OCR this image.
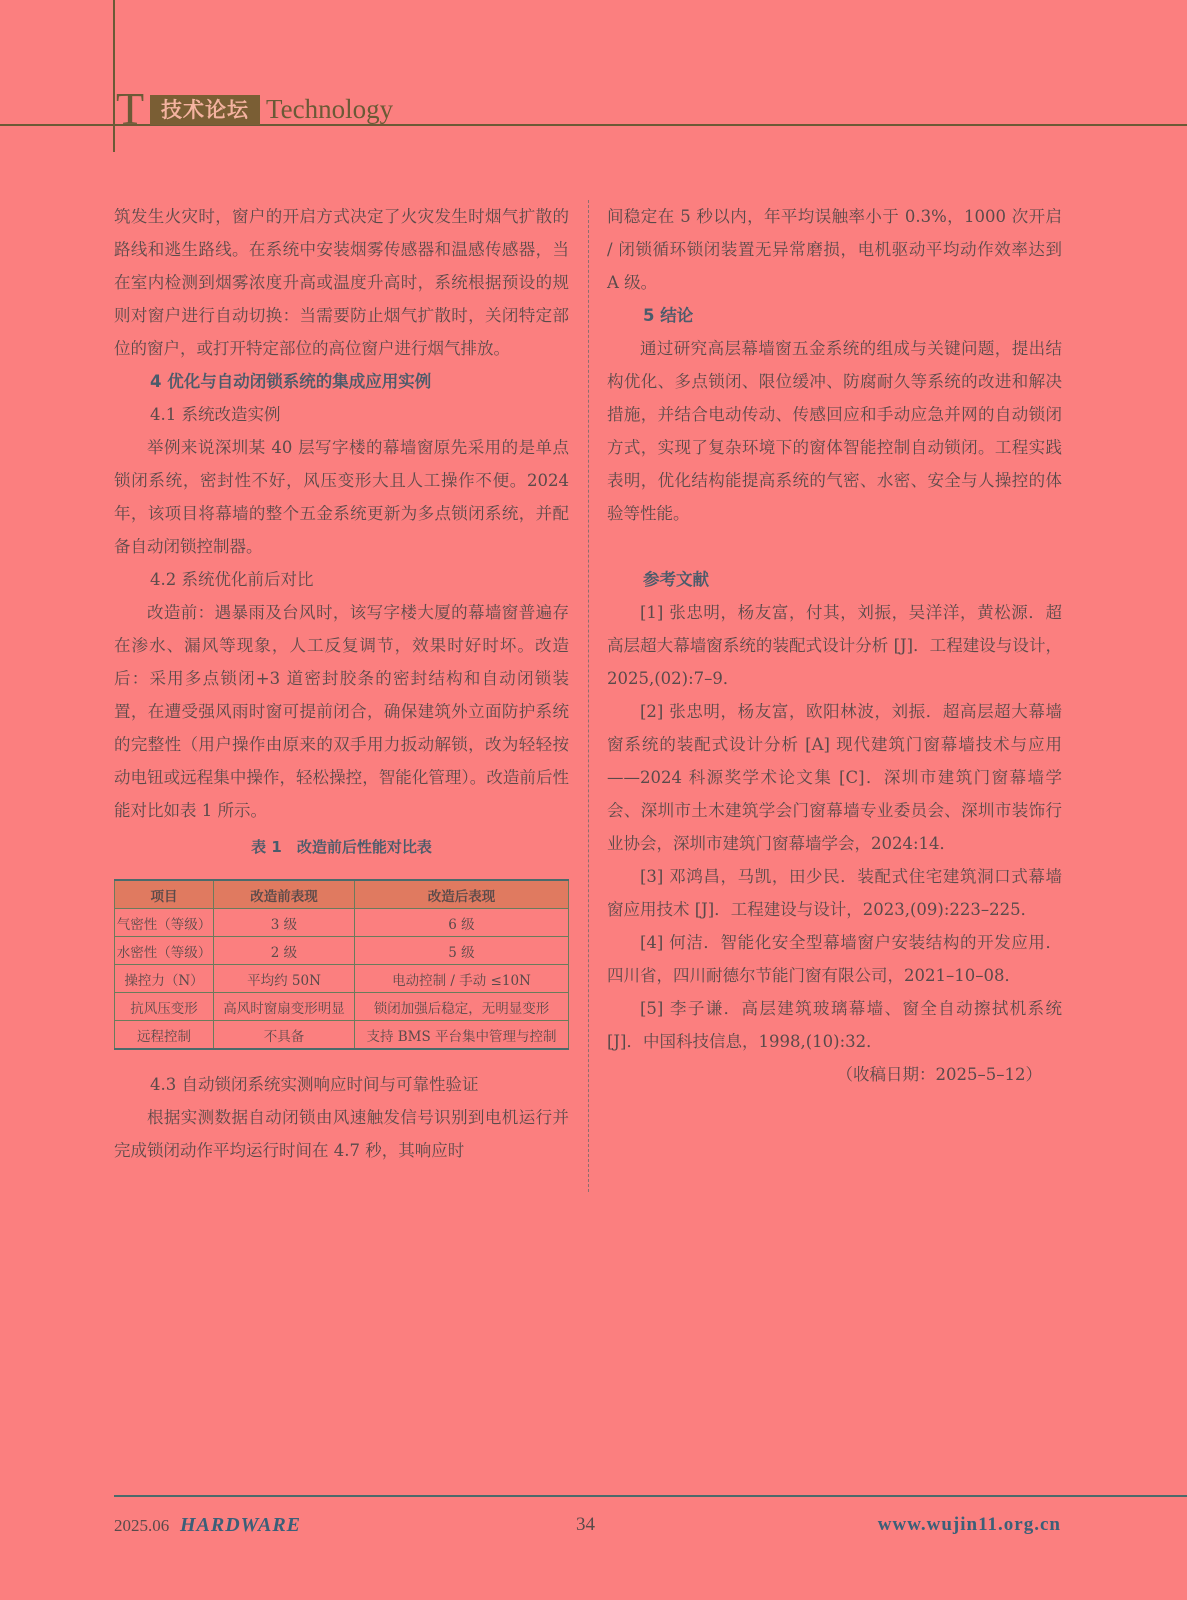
T 技术论坛 Technology

筑发生火灾时，窗户的开启方式决定了火灾发生时烟气扩散的路线和逃生路线。在系统中安装烟雾传感器和温感传感器，当在室内检测到烟雾浓度升高或温度升高时，系统根据预设的规则对窗户进行自动切换：当需要防止烟气扩散时，关闭特定部位的窗户，或打开特定部位的高位窗户进行烟气排放。

4 优化与自动闭锁系统的集成应用实例
4.1 系统改造实例

举例来说深圳某 40 层写字楼的幕墙窗原先采用的是单点锁闭系统，密封性不好，风压变形大且人工操作不便。2024 年，该项目将幕墙的整个五金系统更新为多点锁闭系统，并配备自动闭锁控制器。

4.2 系统优化前后对比

改造前：遇暴雨及台风时，该写字楼大厦的幕墙窗普遍存在渗水、漏风等现象，人工反复调节，效果时好时坏。改造后：采用多点锁闭+3 道密封胶条的密封结构和自动闭锁装置，在遭受强风雨时窗可提前闭合，确保建筑外立面防护系统的完整性（用户操作由原来的双手用力扳动解锁，改为轻轻按动电钮或远程集中操作，轻松操控，智能化管理）。改造前后性能对比如表 1 所示。

表 1　改造前后性能对比表
项目	改造前表现	改造后表现
气密性（等级）	3 级	6 级
水密性（等级）	2 级	5 级
操控力（N）	平均约 50N	电动控制 / 手动 ≤10N
抗风压变形	高风时窗扇变形明显	锁闭加强后稳定，无明显变形
远程控制	不具备	支持 BMS 平台集中管理与控制
4.3 自动锁闭系统实测响应时间与可靠性验证

根据实测数据自动闭锁由风速触发信号识别到电机运行并完成锁闭动作平均运行时间在 4.7 秒，其响应时

间稳定在 5 秒以内，年平均误触率小于 0.3%，1000 次开启 / 闭锁循环锁闭装置无异常磨损，电机驱动平均动作效率达到 A 级。

5 结论

通过研究高层幕墙窗五金系统的组成与关键问题，提出结构优化、多点锁闭、限位缓冲、防腐耐久等系统的改进和解决措施，并结合电动传动、传感回应和手动应急并网的自动锁闭方式，实现了复杂环境下的窗体智能控制自动锁闭。工程实践表明，优化结构能提高系统的气密、水密、安全与人操控的体验等性能。

参考文献

[1] 张忠明，杨友富，付其，刘振，吴洋洋，黄松源．超高层超大幕墙窗系统的装配式设计分析 [J]．工程建设与设计，2025,(02):7–9．

[2] 张忠明，杨友富，欧阳林波，刘振．超高层超大幕墙窗系统的装配式设计分析 [A] 现代建筑门窗幕墙技术与应用——2024 科源奖学术论文集 [C]．深圳市建筑门窗幕墙学会、深圳市土木建筑学会门窗幕墙专业委员会、深圳市装饰行业协会，深圳市建筑门窗幕墙学会，2024:14．

[3] 邓鸿昌，马凯，田少民．装配式住宅建筑洞口式幕墙窗应用技术 [J]．工程建设与设计，2023,(09):223–225．

[4] 何洁．智能化安全型幕墙窗户安装结构的开发应用．四川省，四川耐德尔节能门窗有限公司，2021–10–08．

[5] 李子谦．高层建筑玻璃幕墙、窗全自动擦拭机系统 [J]．中国科技信息，1998,(10):32．

（收稿日期：2025–5–12）

2025.06 HARDWARE	34	www.wujin11.org.cn
